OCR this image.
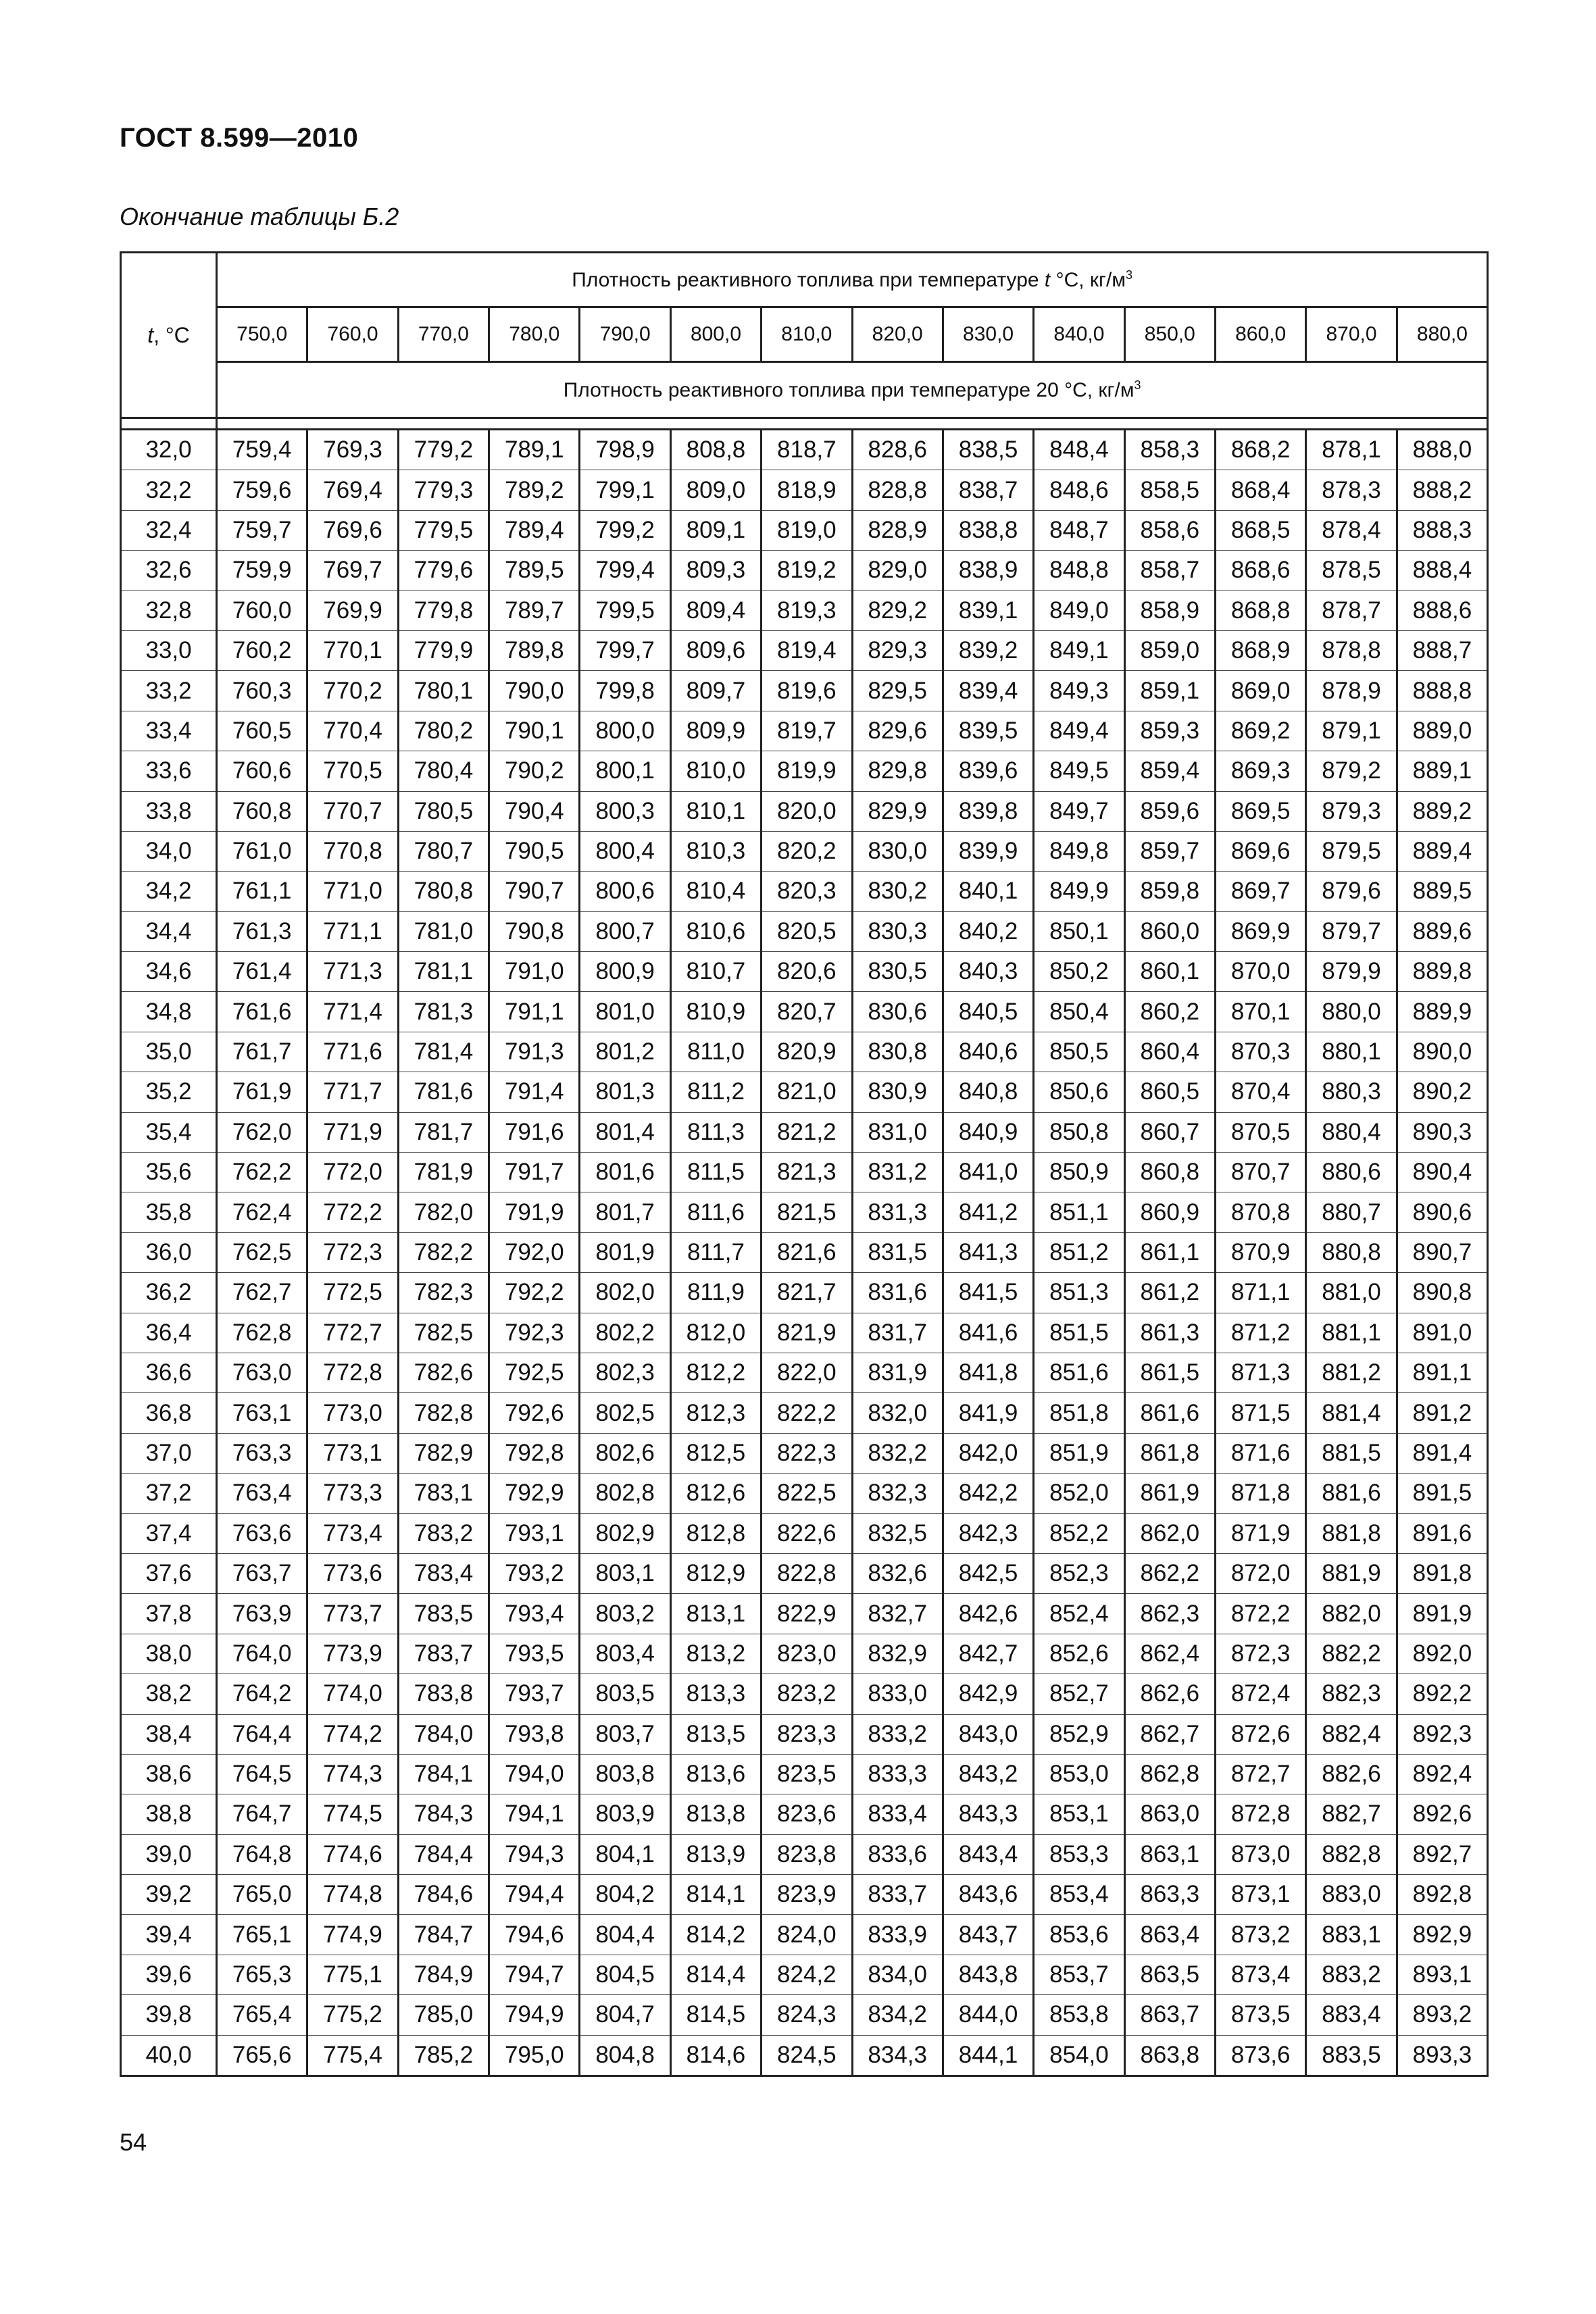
ГОСТ 8.599—2010
Окончание таблицы Б.2
t, °C	Плотность реактивного топлива при температуре t °C, $кг/м^3$
	750,0	760,0	770,0	780,0	790,0	800,0	810,0	820,0	830,0	840,0	850,0	860,0	870,0	880,0
	Плотность реактивного топлива при температуре 20 °С, $кг/м^3$

32,0	759,4	769,3	779,2	789,1	798,9	808,8	818,7	828,6	838,5	848,4	858,3	868,2	878,1	888,0
32,2	759,6	769,4	779,3	789,2	799,1	809,0	818,9	828,8	838,7	848,6	858,5	868,4	878,3	888,2
32,4	759,7	769,6	779,5	789,4	799,2	809,1	819,0	828,9	838,8	848,7	858,6	868,5	878,4	888,3
32,6	759,9	769,7	779,6	789,5	799,4	809,3	819,2	829,0	838,9	848,8	858,7	868,6	878,5	888,4
32,8	760,0	769,9	779,8	789,7	799,5	809,4	819,3	829,2	839,1	849,0	858,9	868,8	878,7	888,6
33,0	760,2	770,1	779,9	789,8	799,7	809,6	819,4	829,3	839,2	849,1	859,0	868,9	878,8	888,7
33,2	760,3	770,2	780,1	790,0	799,8	809,7	819,6	829,5	839,4	849,3	859,1	869,0	878,9	888,8
33,4	760,5	770,4	780,2	790,1	800,0	809,9	819,7	829,6	839,5	849,4	859,3	869,2	879,1	889,0
33,6	760,6	770,5	780,4	790,2	800,1	810,0	819,9	829,8	839,6	849,5	859,4	869,3	879,2	889,1
33,8	760,8	770,7	780,5	790,4	800,3	810,1	820,0	829,9	839,8	849,7	859,6	869,5	879,3	889,2
34,0	761,0	770,8	780,7	790,5	800,4	810,3	820,2	830,0	839,9	849,8	859,7	869,6	879,5	889,4
34,2	761,1	771,0	780,8	790,7	800,6	810,4	820,3	830,2	840,1	849,9	859,8	869,7	879,6	889,5
34,4	761,3	771,1	781,0	790,8	800,7	810,6	820,5	830,3	840,2	850,1	860,0	869,9	879,7	889,6
34,6	761,4	771,3	781,1	791,0	800,9	810,7	820,6	830,5	840,3	850,2	860,1	870,0	879,9	889,8
34,8	761,6	771,4	781,3	791,1	801,0	810,9	820,7	830,6	840,5	850,4	860,2	870,1	880,0	889,9
35,0	761,7	771,6	781,4	791,3	801,2	811,0	820,9	830,8	840,6	850,5	860,4	870,3	880,1	890,0
35,2	761,9	771,7	781,6	791,4	801,3	811,2	821,0	830,9	840,8	850,6	860,5	870,4	880,3	890,2
35,4	762,0	771,9	781,7	791,6	801,4	811,3	821,2	831,0	840,9	850,8	860,7	870,5	880,4	890,3
35,6	762,2	772,0	781,9	791,7	801,6	811,5	821,3	831,2	841,0	850,9	860,8	870,7	880,6	890,4
35,8	762,4	772,2	782,0	791,9	801,7	811,6	821,5	831,3	841,2	851,1	860,9	870,8	880,7	890,6
36,0	762,5	772,3	782,2	792,0	801,9	811,7	821,6	831,5	841,3	851,2	861,1	870,9	880,8	890,7
36,2	762,7	772,5	782,3	792,2	802,0	811,9	821,7	831,6	841,5	851,3	861,2	871,1	881,0	890,8
36,4	762,8	772,7	782,5	792,3	802,2	812,0	821,9	831,7	841,6	851,5	861,3	871,2	881,1	891,0
36,6	763,0	772,8	782,6	792,5	802,3	812,2	822,0	831,9	841,8	851,6	861,5	871,3	881,2	891,1
36,8	763,1	773,0	782,8	792,6	802,5	812,3	822,2	832,0	841,9	851,8	861,6	871,5	881,4	891,2
37,0	763,3	773,1	782,9	792,8	802,6	812,5	822,3	832,2	842,0	851,9	861,8	871,6	881,5	891,4
37,2	763,4	773,3	783,1	792,9	802,8	812,6	822,5	832,3	842,2	852,0	861,9	871,8	881,6	891,5
37,4	763,6	773,4	783,2	793,1	802,9	812,8	822,6	832,5	842,3	852,2	862,0	871,9	881,8	891,6
37,6	763,7	773,6	783,4	793,2	803,1	812,9	822,8	832,6	842,5	852,3	862,2	872,0	881,9	891,8
37,8	763,9	773,7	783,5	793,4	803,2	813,1	822,9	832,7	842,6	852,4	862,3	872,2	882,0	891,9
38,0	764,0	773,9	783,7	793,5	803,4	813,2	823,0	832,9	842,7	852,6	862,4	872,3	882,2	892,0
38,2	764,2	774,0	783,8	793,7	803,5	813,3	823,2	833,0	842,9	852,7	862,6	872,4	882,3	892,2
38,4	764,4	774,2	784,0	793,8	803,7	813,5	823,3	833,2	843,0	852,9	862,7	872,6	882,4	892,3
38,6	764,5	774,3	784,1	794,0	803,8	813,6	823,5	833,3	843,2	853,0	862,8	872,7	882,6	892,4
38,8	764,7	774,5	784,3	794,1	803,9	813,8	823,6	833,4	843,3	853,1	863,0	872,8	882,7	892,6
39,0	764,8	774,6	784,4	794,3	804,1	813,9	823,8	833,6	843,4	853,3	863,1	873,0	882,8	892,7
39,2	765,0	774,8	784,6	794,4	804,2	814,1	823,9	833,7	843,6	853,4	863,3	873,1	883,0	892,8
39,4	765,1	774,9	784,7	794,6	804,4	814,2	824,0	833,9	843,7	853,6	863,4	873,2	883,1	892,9
39,6	765,3	775,1	784,9	794,7	804,5	814,4	824,2	834,0	843,8	853,7	863,5	873,4	883,2	893,1
39,8	765,4	775,2	785,0	794,9	804,7	814,5	824,3	834,2	844,0	853,8	863,7	873,5	883,4	893,2
40,0	765,6	775,4	785,2	795,0	804,8	814,6	824,5	834,3	844,1	854,0	863,8	873,6	883,5	893,3
54
